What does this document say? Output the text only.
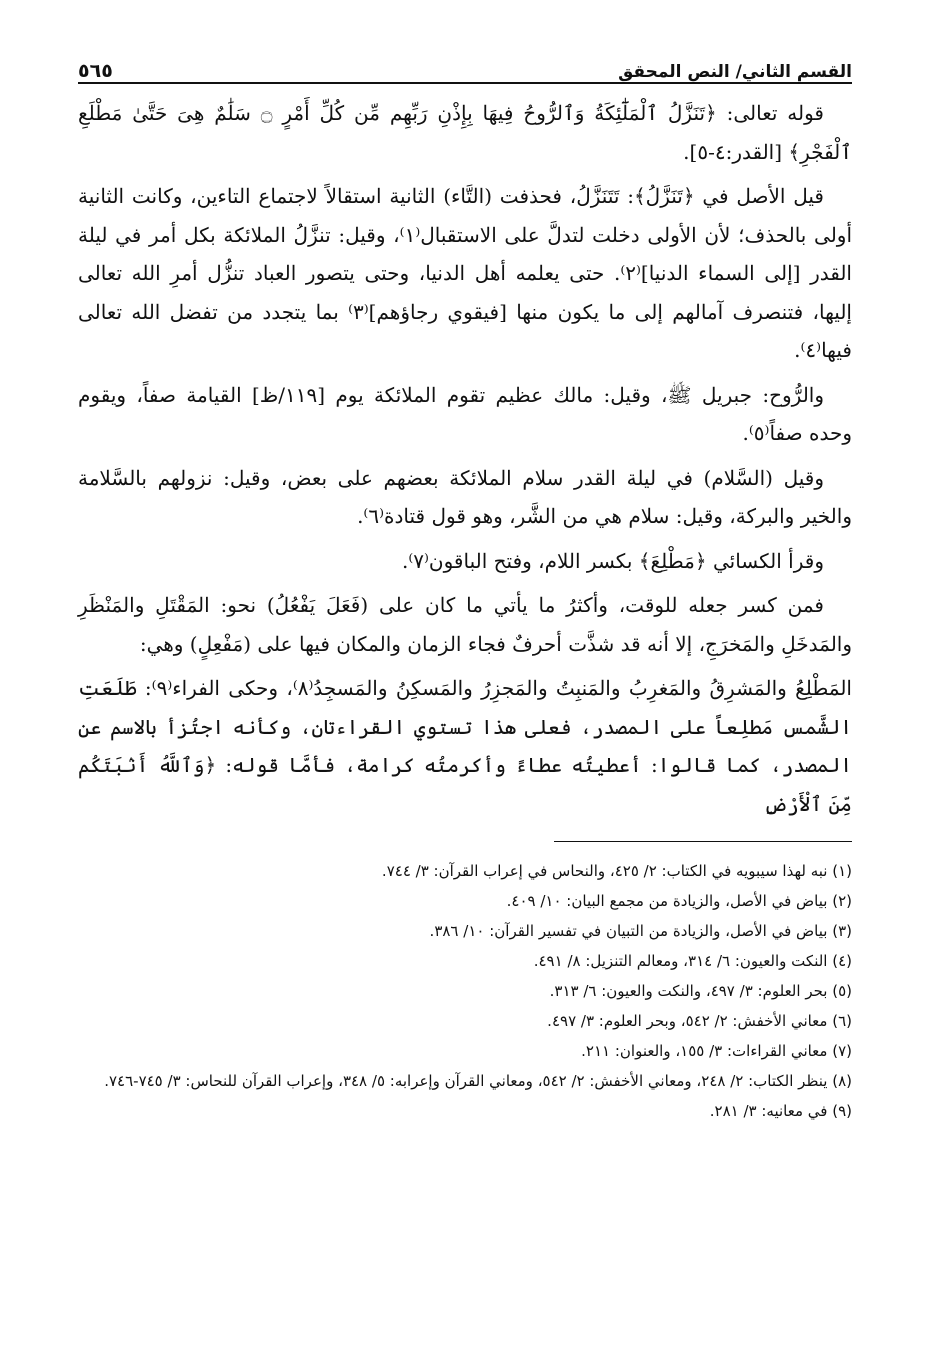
القسم الثاني/ النص المحقق
٥٦٥

قوله تعالى: ﴿تَنَزَّلُ ٱلْمَلَٰٓئِكَةُ وَٱلرُّوحُ فِيهَا بِإِذْنِ رَبِّهِم مِّن كُلِّ أَمْرٍ ۝ سَلَٰمٌ هِىَ حَتَّىٰ مَطْلَعِ ٱلْفَجْرِ﴾ [القدر:٤-٥].

قيل الأصل في ﴿تَنَزَّلُ﴾: تَتَنَزَّلُ، فحذفت (التَّاء) الثانية استقالاً لاجتماع التاءين، وكانت الثانية أولى بالحذف؛ لأن الأولى دخلت لتدلَّ على الاستقبال⁽١⁾، وقيل: تنزَّلُ الملائكة بكل أمر في ليلة القدر [إلى السماء الدنيا]⁽٢⁾. حتى يعلمه أهل الدنيا، وحتى يتصور العباد تنزُّل أمرِ الله تعالى إليها، فتنصرف آمالهم إلى ما يكون منها [فيقوي رجاؤهم]⁽٣⁾ بما يتجدد من تفضل الله تعالى فيها⁽٤⁾.

والرُّوح: جبريل ﷺ، وقيل: مالك عظيم تقوم الملائكة يوم [١١٩/ظ] القيامة صفاً، ويقوم وحده صفاً⁽٥⁾.

وقيل (السَّلام) في ليلة القدر سلام الملائكة بعضهم على بعض، وقيل: نزولهم بالسَّلامة والخير والبركة، وقيل: سلام هي من الشَّر، وهو قول قتادة⁽٦⁾.

وقرأ الكسائي ﴿مَطْلِعَ﴾ بكسر اللام، وفتح الباقون⁽٧⁾.

فمن كسر جعله للوقت، وأكثرُ ما يأتي ما كان على (فَعَلَ يَفْعُلُ) نحو: المَقْتَلِ والمَنْظَرِ والمَدخَلِ والمَخرَجِ، إلا أنه قد شذَّت أحرفٌ فجاء الزمان والمكان فيها على (مَفْعِلٍ) وهي:

المَطْلِعُ والمَشرِقُ والمَغرِبُ والمَنبِتُ والمَجزِرُ والمَسكِنُ والمَسجِدُ⁽٨⁾، وحكى الفراء⁽٩⁾: طَلَعَتِ الشَّمس مَطلِعاً على المصدر، فعلى هذا تستوي القراءتان، وكأنه اجتُزأ بالاسم عن المصدر، كما قالوا: أعطيتُه عطاءً وأكرمتُه كرامة، فأمَّا قوله: ﴿وَٱللَّهُ أَنۢبَتَكُم مِّنَ ٱلْأَرْضِ

(١) نبه لهذا سيبويه في الكتاب: ٢/ ٤٢٥، والنحاس في إعراب القرآن: ٣/ ٧٤٤.

(٢) بياض في الأصل، والزيادة من مجمع البيان: ١٠/ ٤٠٩.

(٣) بياض في الأصل، والزيادة من التبيان في تفسير القرآن: ١٠/ ٣٨٦.

(٤) النكت والعيون: ٦/ ٣١٤، ومعالم التنزيل: ٨/ ٤٩١.

(٥) بحر العلوم: ٣/ ٤٩٧، والنكت والعيون: ٦/ ٣١٣.

(٦) معاني الأخفش: ٢/ ٥٤٢، وبحر العلوم: ٣/ ٤٩٧.

(٧) معاني القراءات: ٣/ ١٥٥، والعنوان: ٢١١.

(٨) ينظر الكتاب: ٢/ ٢٤٨، ومعاني الأخفش: ٢/ ٥٤٢، ومعاني القرآن وإعرابه: ٥/ ٣٤٨، وإعراب القرآن للنحاس: ٣/ ٧٤٥-٧٤٦.

(٩) في معانيه: ٣/ ٢٨١.
